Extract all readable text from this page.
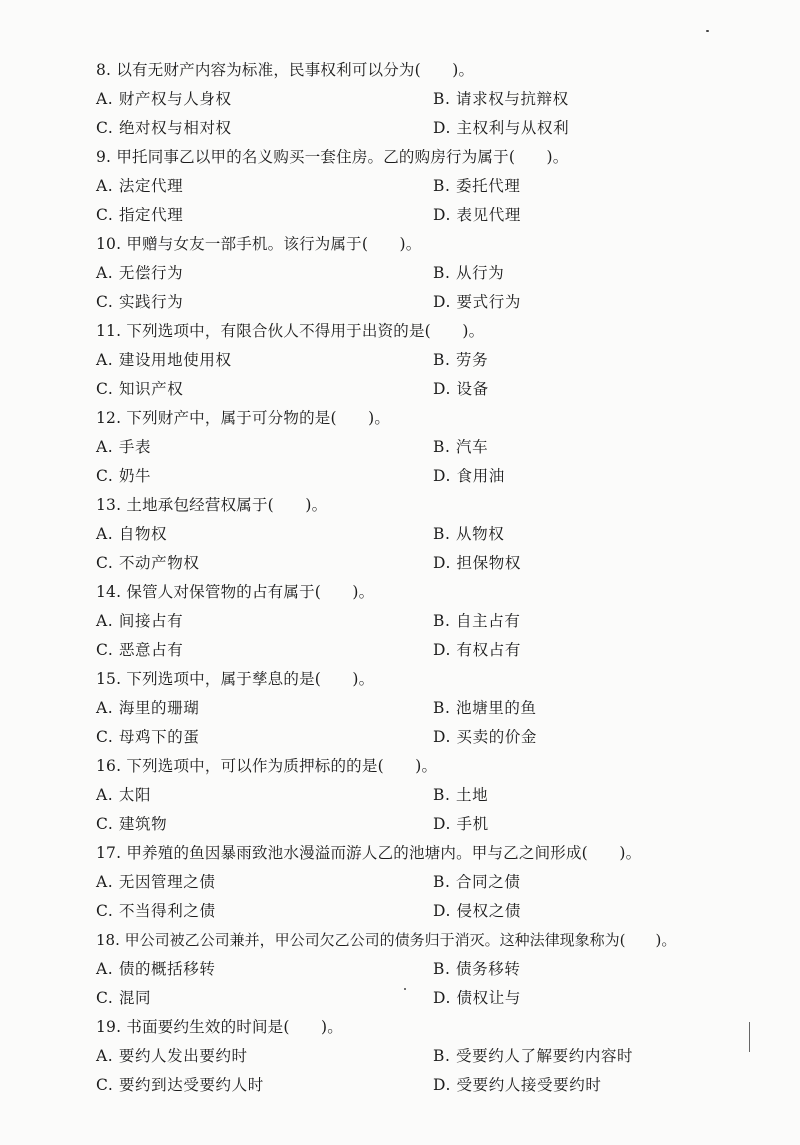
8. 以有无财产内容为标准，民事权利可以分为(　　)。
A. 财产权与人身权	B. 请求权与抗辩权
C. 绝对权与相对权	D. 主权利与从权利
9. 甲托同事乙以甲的名义购买一套住房。乙的购房行为属于(　　)。
A. 法定代理	B. 委托代理
C. 指定代理	D. 表见代理
10. 甲赠与女友一部手机。该行为属于(　　)。
A. 无偿行为	B. 从行为
C. 实践行为	D. 要式行为
11. 下列选项中，有限合伙人不得用于出资的是(　　)。
A. 建设用地使用权	B. 劳务
C. 知识产权	D. 设备
12. 下列财产中，属于可分物的是(　　)。
A. 手表	B. 汽车
C. 奶牛	D. 食用油
13. 土地承包经营权属于(　　)。
A. 自物权	B. 从物权
C. 不动产物权	D. 担保物权
14. 保管人对保管物的占有属于(　　)。
A. 间接占有	B. 自主占有
C. 恶意占有	D. 有权占有
15. 下列选项中，属于孳息的是(　　)。
A. 海里的珊瑚	B. 池塘里的鱼
C. 母鸡下的蛋	D. 买卖的价金
16. 下列选项中，可以作为质押标的的是(　　)。
A. 太阳	B. 土地
C. 建筑物	D. 手机
17. 甲养殖的鱼因暴雨致池水漫溢而游人乙的池塘内。甲与乙之间形成(　　)。
A. 无因管理之债	B. 合同之债
C. 不当得利之债	D. 侵权之债
18. 甲公司被乙公司兼并，甲公司欠乙公司的债务归于消灭。这种法律现象称为(　　)。
A. 债的概括移转	B. 债务移转
C. 混同	D. 债权让与
19. 书面要约生效的时间是(　　)。
A. 要约人发出要约时	B. 受要约人了解要约内容时
C. 要约到达受要约人时	D. 受要约人接受要约时
